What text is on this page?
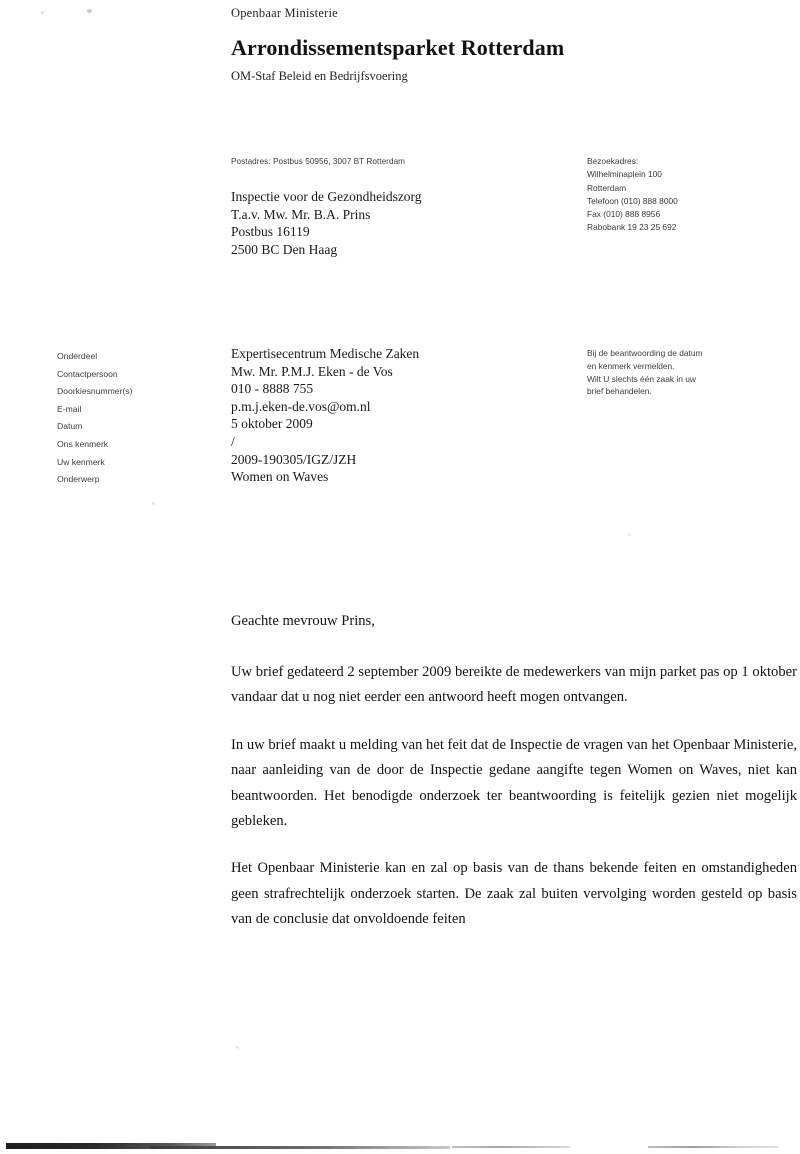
Openbaar Ministerie

Arrondissementsparket Rotterdam

OM-Staf Beleid en Bedrijfsvoering

Postadres: Postbus 50956, 3007 BT Rotterdam
Inspectie voor de Gezondheidszorg
T.a.v. Mw. Mr. B.A. Prins
Postbus 16119
2500 BC Den Haag
Bezoekadres:
Wilhelminaplein 100
Rotterdam
Telefoon (010) 888 8000
Fax (010) 888 8956
Rabobank 19 23 25 692
Onderdeel
Contactpersoon
Doorkiesnummer(s)
E-mail
Datum
Ons kenmerk
Uw kenmerk
Onderwerp
Expertisecentrum Medische Zaken
Mw. Mr. P.M.J. Eken - de Vos
010 - 8888 755
p.m.j.eken-de.vos@om.nl
5 oktober 2009
/
2009-190305/IGZ/JZH
Women on Waves
Bij de beantwoording de datum
en kenmerk vermelden.
Wilt U slechts één zaak in uw
brief behandelen.

Geachte mevrouw Prins,

Uw brief gedateerd 2 september 2009 bereikte de medewerkers van mijn parket pas op 1 oktober vandaar dat u nog niet eerder een antwoord heeft mogen ontvangen.

In uw brief maakt u melding van het feit dat de Inspectie de vragen van het Openbaar Ministerie, naar aanleiding van de door de Inspectie gedane aangifte tegen Women on Waves, niet kan beantwoorden. Het benodigde onderzoek ter beantwoording is feitelijk gezien niet mogelijk gebleken.

Het Openbaar Ministerie kan en zal op basis van de thans bekende feiten en omstandigheden geen strafrechtelijk onderzoek starten. De zaak zal buiten vervolging worden gesteld op basis van de conclusie dat onvoldoende feiten
